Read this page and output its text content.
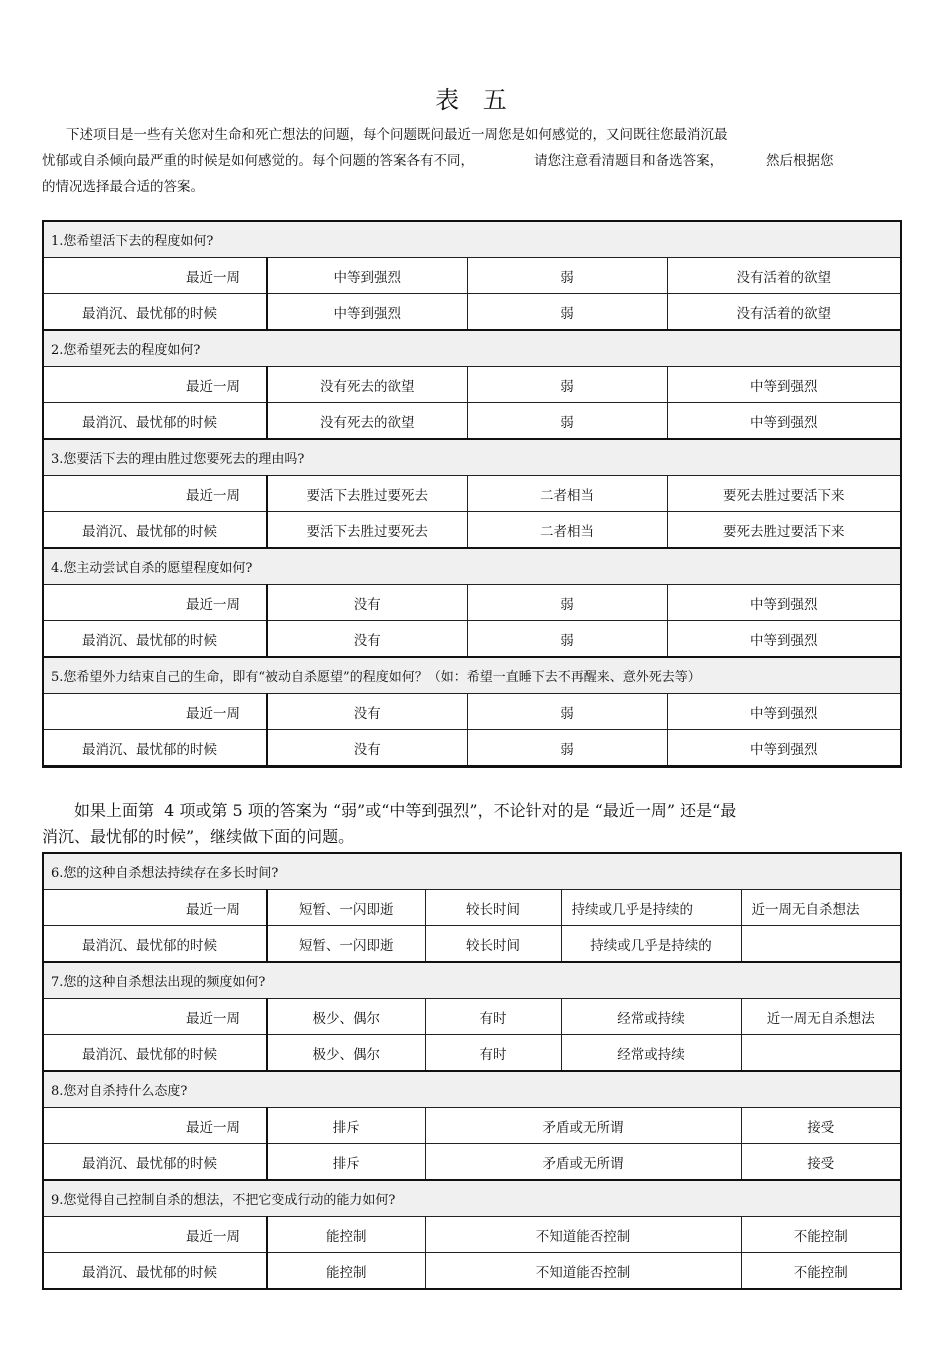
表 五
下述项目是一些有关您对生命和死亡想法的问题，每个问题既问最近一周您是如何感觉的，又问既往您最消沉最
忧郁或自杀倾向最严重的时候是如何感觉的。每个问题的答案各有不同，              请您注意看清题目和备选答案，          然后根据您
的情况选择最合适的答案。
1.您希望活下去的程度如何?			
最近一周	中等到强烈	弱	没有活着的欲望
最消沉、最忧郁的时候	中等到强烈	弱	没有活着的欲望
2.您希望死去的程度如何?			
最近一周	没有死去的欲望	弱	中等到强烈
最消沉、最忧郁的时候	没有死去的欲望	弱	中等到强烈
3.您要活下去的理由胜过您要死去的理由吗?			
最近一周	要活下去胜过要死去	二者相当	要死去胜过要活下来
最消沉、最忧郁的时候	要活下去胜过要死去	二者相当	要死去胜过要活下来
4.您主动尝试自杀的愿望程度如何?			
最近一周	没有	弱	中等到强烈
最消沉、最忧郁的时候	没有	弱	中等到强烈
5.您希望外力结束自己的生命，即有“被动自杀愿望”的程度如何？（如：希望一直睡下去不再醒来、意外死去等）			
最近一周	没有	弱	中等到强烈
最消沉、最忧郁的时候	没有	弱	中等到强烈
如果上面第  4 项或第 5 项的答案为 “弱”或“中等到强烈”，不论针对的是 “最近一周” 还是“最
消沉、最忧郁的时候”，继续做下面的问题。
6.您的这种自杀想法持续存在多长时间?				
最近一周	短暂、一闪即逝	较长时间	持续或几乎是持续的	近一周无自杀想法
最消沉、最忧郁的时候	短暂、一闪即逝	较长时间	持续或几乎是持续的	
7.您的这种自杀想法出现的频度如何?				
最近一周	极少、偶尔	有时	经常或持续	近一周无自杀想法
最消沉、最忧郁的时候	极少、偶尔	有时	经常或持续	
8.您对自杀持什么态度?				
最近一周	排斥	矛盾或无所谓		接受
最消沉、最忧郁的时候	排斥	矛盾或无所谓		接受
9.您觉得自己控制自杀的想法，不把它变成行动的能力如何?				
最近一周	能控制	不知道能否控制		不能控制
最消沉、最忧郁的时候	能控制	不知道能否控制		不能控制
